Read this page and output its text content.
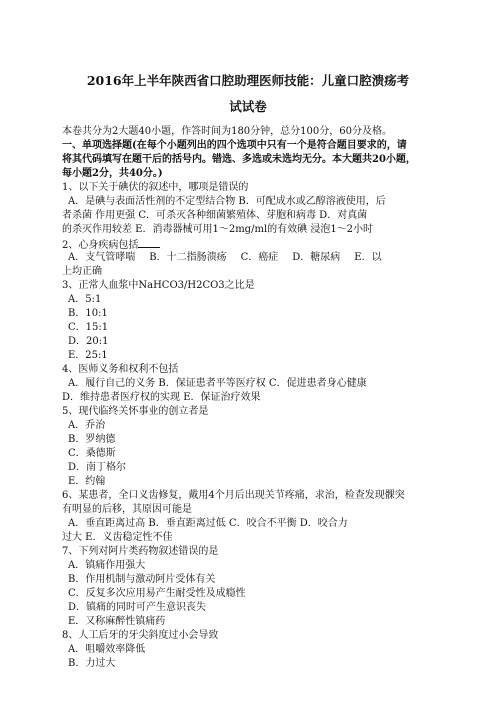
2016年上半年陕西省口腔助理医师技能：儿童口腔溃疡考
试试卷
本卷共分为2大题40小题，作答时间为180分钟，总分100分，60分及格。
一、单项选择题(在每个小题列出的四个选项中只有一个是符合题目要求的，请
将其代码填写在题干后的括号内。错选、多选或未选均无分。本大题共20小题，
每小题2分，共40分。)
1、以下关于碘伏的叙述中，哪项是错误的
A．是碘与表面活性剂的不定型结合物 B．可配成水或乙醇溶液使用，后
者杀菌 作用更强 C．可杀灭各种细菌繁殖体、芽胞和病毒 D．对真菌
的杀灭作用较差 E．消毒器械可用1～2mg/ml的有效碘 浸泡1～2小时
2、心身疾病包括
A．支气管哮喘 B．十二指肠溃疡 C．癌症 D．糖尿病 E．以
上均正确
3、正常人血浆中NaHCO3/H2CO3之比是
A．5:1
B．10:1
C．15:1
D．20:1
E．25:1
4、医师义务和权利不包括
A．履行自己的义务 B．保证患者平等医疗权 C．促进患者身心健康
D．维持患者医疗权的实现 E．保证治疗效果
5、现代临终关怀事业的创立者是
A．乔治
B．罗纳德
C．桑德斯
D．南丁格尔
E．约翰
6、某患者，全口义齿修复，戴用4个月后出现关节疼痛，求治，检查发现髁突
有明显的后移，其原因可能是
A．垂直距离过高 B．垂直距离过低 C．咬合不平衡 D．咬合力
过大 E．义齿稳定性不佳
7、下列对阿片类药物叙述错误的是
A．镇痛作用强大
B．作用机制与激动阿片受体有关
C．反复多次应用易产生耐受性及成瘾性
D．镇痛的同时可产生意识丧失
E．又称麻醉性镇痛药
8、人工后牙的牙尖斜度过小会导致
A．咀嚼效率降低
B．力过大
